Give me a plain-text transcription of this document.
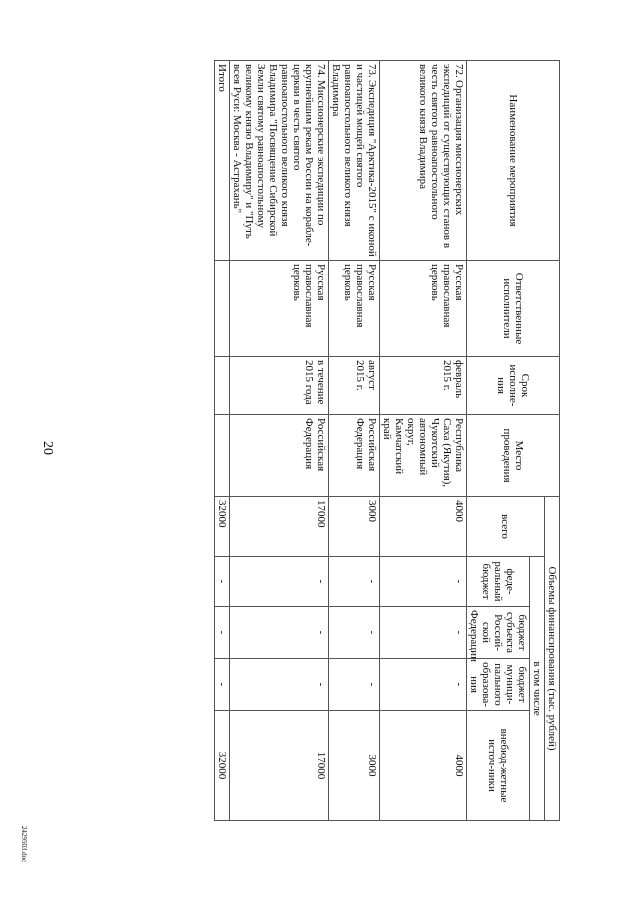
Наименование мероприятия	Ответственные исполнители	Срок исполне-ния	Место проведения	Объемы финансирования (тыс. рублей)				
				всего	в том числе			
					феде-ральный бюджет	бюджет субъекта Россий-ской Федерации	бюджет муници-пального образова-ния	внебюд-жетные источ-ники
72.Организация миссионерских экспедиций от существующих станов в честь святого равноапостольного великого князя Владимира	Русская православная церковь	февраль 2015 г.	Республика Саха (Якутия), Чукотский автономный округ, Камчатский край	4000	-	-	-	4000
73.Экспедиция "Арктика-2015" с иконой и частицей мощей святого равноапостольного великого князя Владимира	Русская православная церковь	август 2015 г.	Российская Федерация	3000	-	-	-	3000
74.Миссионерские экспедиции по крупнейшим рекам России на корабле-церкви в честь святого равноапостольного великого князя Владимира "Посвящение Сибирской Земли святому равноапостольному великому князю Владимиру" и "Путь всея Руси: Москва - Астрахань"	Русская православная церковь	в течение 2015 года	Российская Федерация	17000	-	-	-	17000
Итого				32000	-	-	-	32000
20
2429503.doc
